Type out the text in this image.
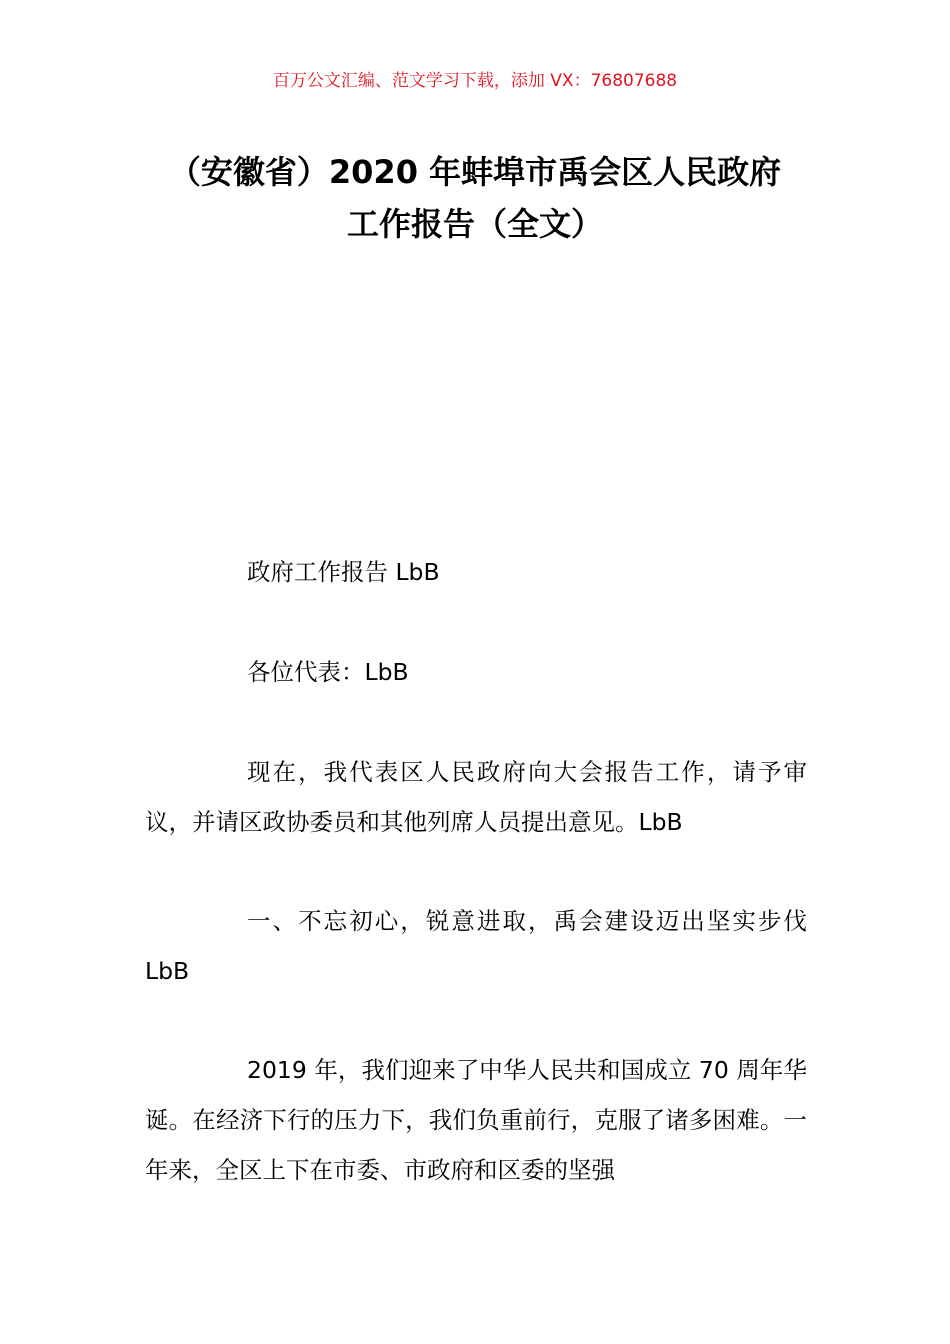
百万公文汇编、范文学习下载，添加 VX：76807688
（安徽省）2020 年蚌埠市禹会区人民政府
工作报告（全文）

政府工作报告 LbB

各位代表：LbB

现在，我代表区人民政府向大会报告工作，请予审议，并请区政协委员和其他列席人员提出意见。LbB

一、不忘初心，锐意进取，禹会建设迈出坚实步伐 LbB

2019 年，我们迎来了中华人民共和国成立 70 周年华诞。在经济下行的压力下，我们负重前行，克服了诸多困难。一年来，全区上下在市委、市政府和区委的坚强
